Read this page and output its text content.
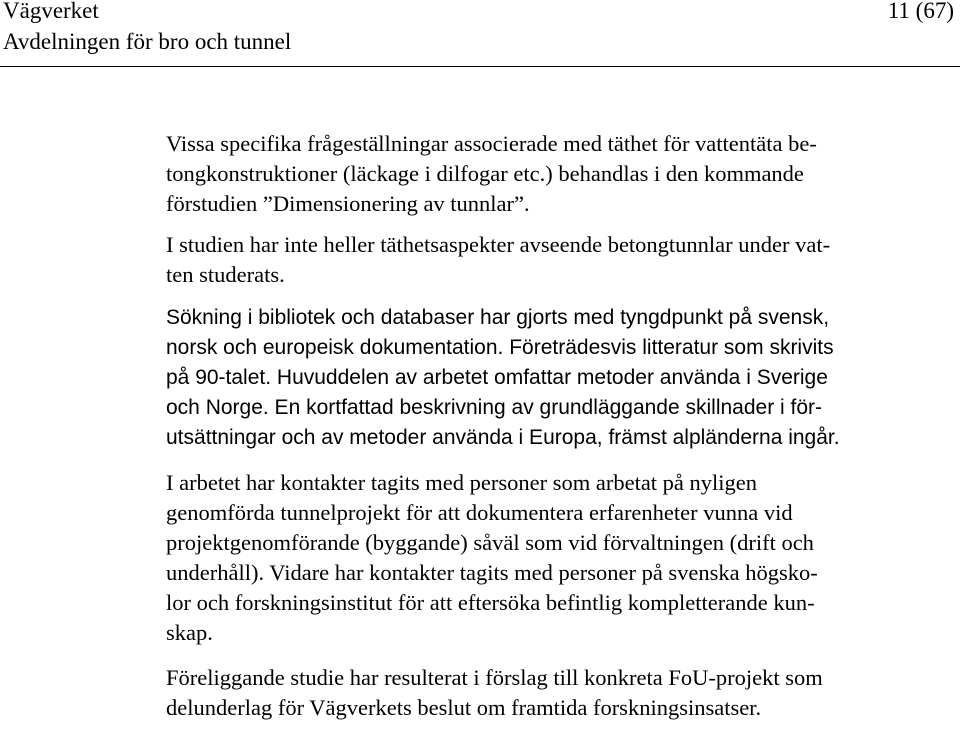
Vägverket
Avdelningen för bro och tunnel
11 (67)

Vissa specifika frågeställningar associerade med täthet för vattentäta be-
tongkonstruktioner (läckage i dilfogar etc.) behandlas i den kommande
förstudien ”Dimensionering av tunnlar”.

I studien har inte heller täthetsaspekter avseende betongtunnlar under vat-
ten studerats.

Sökning i bibliotek och databaser har gjorts med tyngdpunkt på svensk,
norsk och europeisk dokumentation. Företrädesvis litteratur som skrivits
på 90-talet. Huvuddelen av arbetet omfattar metoder använda i Sverige
och Norge. En kortfattad beskrivning av grundläggande skillnader i för-
utsättningar och av metoder använda i Europa, främst alpländerna ingår.

I arbetet har kontakter tagits med personer som arbetat på nyligen
genomförda tunnelprojekt för att dokumentera erfarenheter vunna vid
projektgenomförande (byggande) såväl som vid förvaltningen (drift och
underhåll). Vidare har kontakter tagits med personer på svenska högsko-
lor och forskningsinstitut för att eftersöka befintlig kompletterande kun-
skap.

Föreliggande studie har resulterat i förslag till konkreta FoU-projekt som
delunderlag för Vägverkets beslut om framtida forskningsinsatser.
